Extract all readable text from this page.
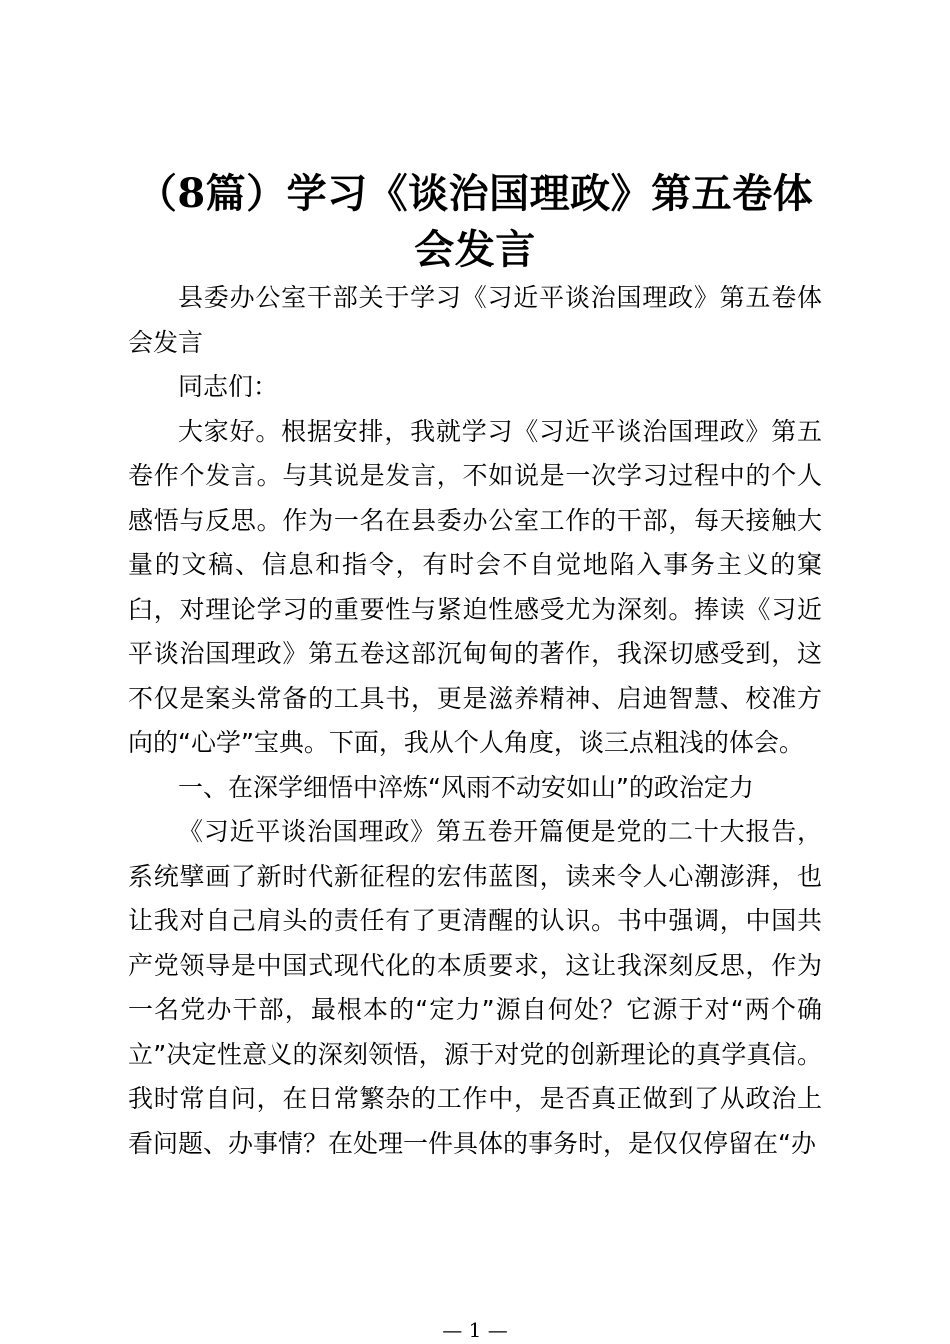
（8篇）学习《谈治国理政》第五卷体会发言

县委办公室干部关于学习《习近平谈治国理政》第五卷体会发言

同志们：

大家好。根据安排，我就学习《习近平谈治国理政》第五卷作个发言。与其说是发言，不如说是一次学习过程中的个人感悟与反思。作为一名在县委办公室工作的干部，每天接触大量的文稿、信息和指令，有时会不自觉地陷入事务主义的窠臼，对理论学习的重要性与紧迫性感受尤为深刻。捧读《习近平谈治国理政》第五卷这部沉甸甸的著作，我深切感受到，这不仅是案头常备的工具书，更是滋养精神、启迪智慧、校准方向的“心学”宝典。下面，我从个人角度，谈三点粗浅的体会。

一、在深学细悟中淬炼“风雨不动安如山”的政治定力

《习近平谈治国理政》第五卷开篇便是党的二十大报告，系统擘画了新时代新征程的宏伟蓝图，读来令人心潮澎湃，也让我对自己肩头的责任有了更清醒的认识。书中强调，中国共产党领导是中国式现代化的本质要求，这让我深刻反思，作为一名党办干部，最根本的“定力”源自何处？它源于对“两个确立”决定性意义的深刻领悟，源于对党的创新理论的真学真信。我时常自问，在日常繁杂的工作中，是否真正做到了从政治上看问题、办事情？在处理一件具体的事务时，是仅仅停留在“办

— 1 —
